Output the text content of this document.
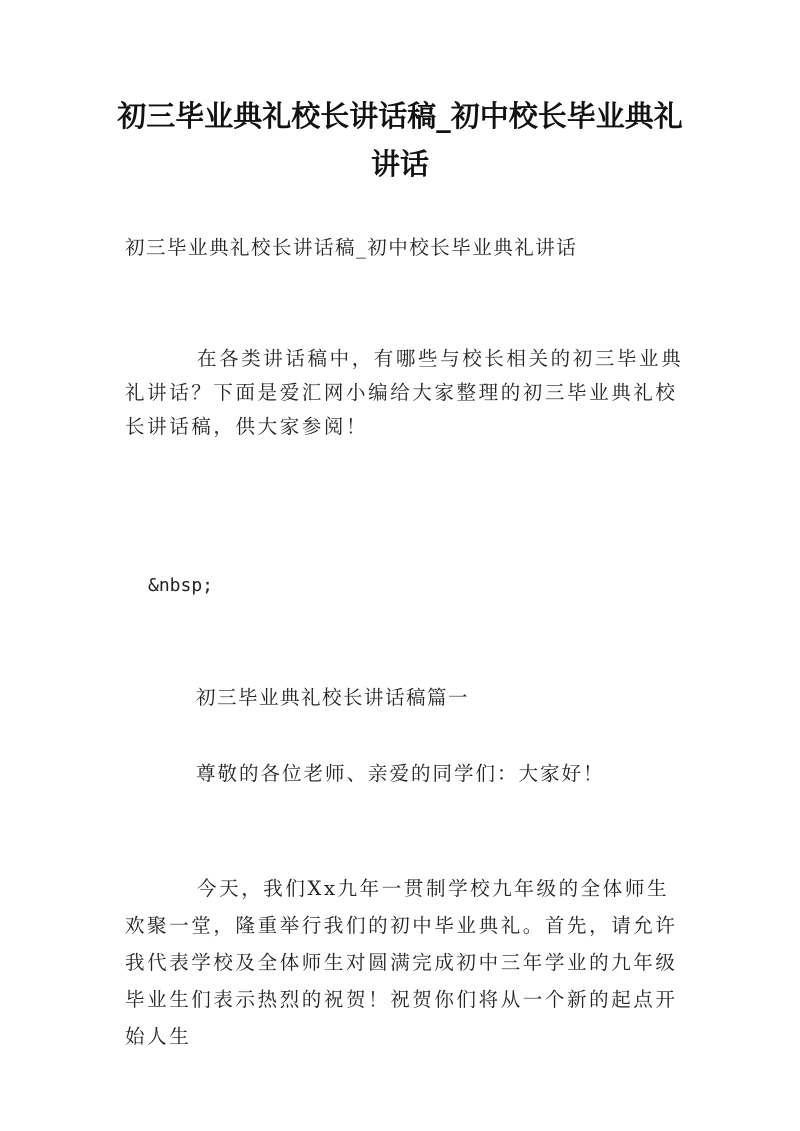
初三毕业典礼校长讲话稿_初中校长毕业典礼讲话

初三毕业典礼校长讲话稿_初中校长毕业典礼讲话

在各类讲话稿中，有哪些与校长相关的初三毕业典礼讲话？下面是爱汇网小编给大家整理的初三毕业典礼校长讲话稿，供大家参阅！

&nbsp;

初三毕业典礼校长讲话稿篇一

尊敬的各位老师、亲爱的同学们：大家好！

今天，我们Xx九年一贯制学校九年级的全体师生欢聚一堂，隆重举行我们的初中毕业典礼。首先，请允许我代表学校及全体师生对圆满完成初中三年学业的九年级毕业生们表示热烈的祝贺！祝贺你们将从一个新的起点开始人生
